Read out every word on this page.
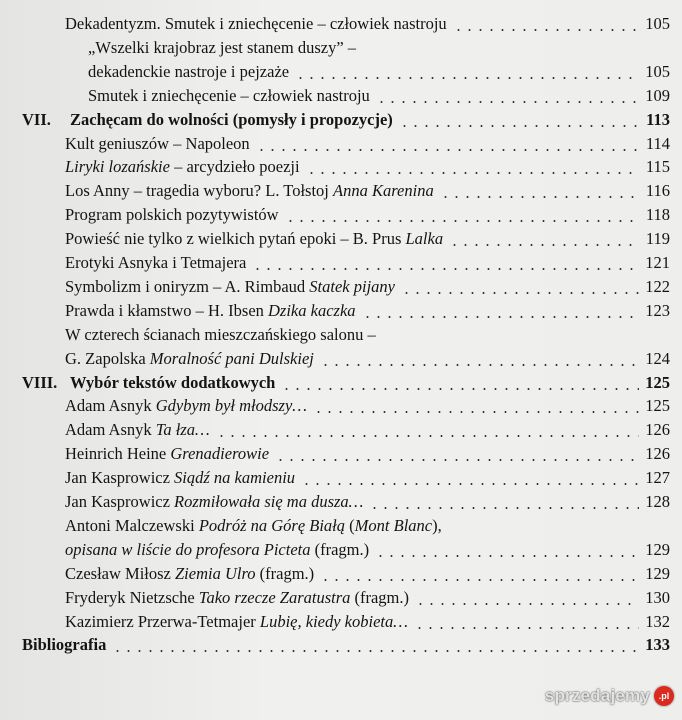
Dekadentyzm. Smutek i zniechęcenie – człowiek nastroju	105
„Wszelki krajobraz jest stanem duszy” –
dekadenckie nastroje i pejzaże	105
Smutek i zniechęcenie – człowiek nastroju	109
VII. Zachęcam do wolności (pomysły i propozycje)	113
Kult geniuszów – Napoleon	114
Liryki lozańskie – arcydzieło poezji	115
Los Anny – tragedia wyboru? L. Tołstoj Anna Karenina	116
Program polskich pozytywistów	118
Powieść nie tylko z wielkich pytań epoki – B. Prus Lalka	119
Erotyki Asnyka i Tetmajera	121
Symbolizm i oniryzm – A. Rimbaud Statek pijany	122
Prawda i kłamstwo – H. Ibsen Dzika kaczka	123
W czterech ścianach mieszczańskiego salonu –
G. Zapolska Moralność pani Dulskiej	124
VIII. Wybór tekstów dodatkowych	125
Adam Asnyk Gdybym był młodszy…	125
Adam Asnyk Ta łza…	126
Heinrich Heine Grenadierowie	126
Jan Kasprowicz Siądź na kamieniu	127
Jan Kasprowicz Rozmiłowała się ma dusza…	128
Antoni Malczewski Podróż na Górę Białą ( Mont Blanc ),
opisana w liście do profesora Picteta (fragm.)	129
Czesław Miłosz Ziemia Ulro (fragm.)	129
Fryderyk Nietzsche Tako rzecze Zaratustra (fragm.)	130
Kazimierz Przerwa-Tetmajer Lubię, kiedy kobieta…	132
Bibliografia	133
sprzedajemy .pl
